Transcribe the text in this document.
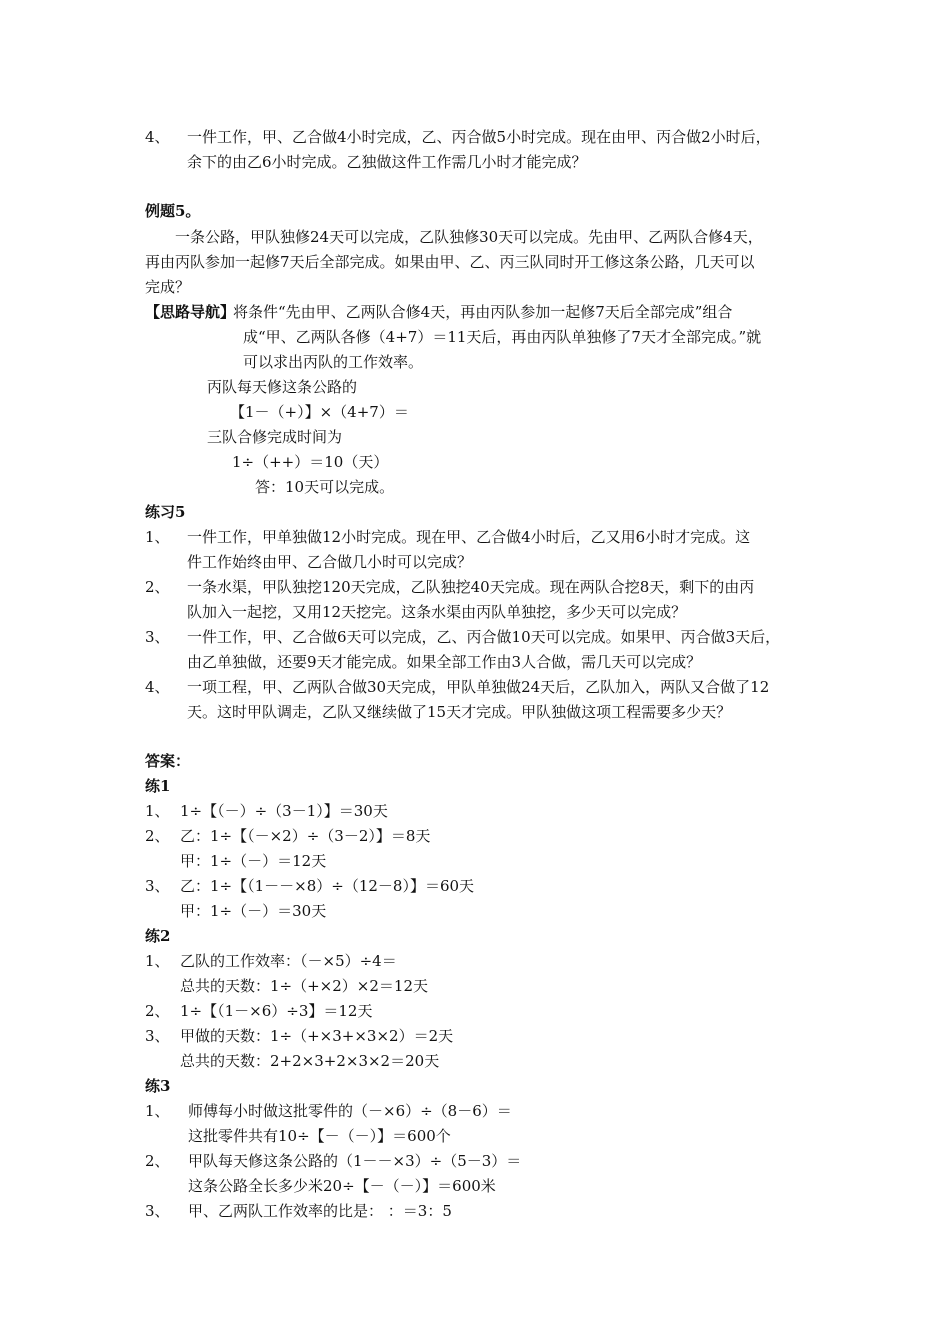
4、 一件工作，甲、乙合做4小时完成，乙、丙合做5小时完成。现在由甲、丙合做2小时后，
余下的由乙6小时完成。乙独做这件工作需几小时才能完成？
例题5。
一条公路，甲队独修24天可以完成，乙队独修30天可以完成。先由甲、乙两队合修4天，
再由丙队参加一起修7天后全部完成。如果由甲、乙、丙三队同时开工修这条公路，几天可以
完成？
【思路导航】
将条件“先由甲、乙两队合修4天，再由丙队参加一起修7天后全部完成”组合
成“甲、乙两队各修（4+7）＝11天后，再由丙队单独修了7天才全部完成。”就
可以求出丙队的工作效率。
丙队每天修这条公路的
【1－（+）】×（4+7）＝
三队合修完成时间为
1÷（++）＝10（天）
答：10天可以完成。
练习5
1、 一件工作，甲单独做12小时完成。现在甲、乙合做4小时后，乙又用6小时才完成。这
件工作始终由甲、乙合做几小时可以完成？
2、 一条水渠，甲队独挖120天完成，乙队独挖40天完成。现在两队合挖8天，剩下的由丙
队加入一起挖，又用12天挖完。这条水渠由丙队单独挖，多少天可以完成？
3、 一件工作，甲、乙合做6天可以完成，乙、丙合做10天可以完成。如果甲、丙合做3天后，
由乙单独做，还要9天才能完成。如果全部工作由3人合做，需几天可以完成？
4、 一项工程，甲、乙两队合做30天完成，甲队单独做24天后，乙队加入，两队又合做了12
天。这时甲队调走，乙队又继续做了15天才完成。甲队独做这项工程需要多少天？
答案：
练1
1、 1÷【（－）÷（3－1）】＝30天
2、 乙：1÷【（－×2）÷（3－2）】＝8天
甲：1÷（－）＝12天
3、 乙：1÷【（1－－×8）÷（12－8）】＝60天
甲：1÷（－）＝30天
练2
1、 乙队的工作效率：（－×5）÷4＝
总共的天数：1÷（+×2）×2＝12天
2、 1÷【（1－×6）÷3】＝12天
3、 甲做的天数：1÷（+×3+×3×2）＝2天
总共的天数：2+2×3+2×3×2＝20天
练3
1、 师傅每小时做这批零件的（－×6）÷（8－6）＝
这批零件共有10÷【－（－）】＝600个
2、 甲队每天修这条公路的（1－－×3）÷（5－3）＝
这条公路全长多少米20÷【－（－）】＝600米
3、 甲、乙两队工作效率的比是： ：＝3：5
